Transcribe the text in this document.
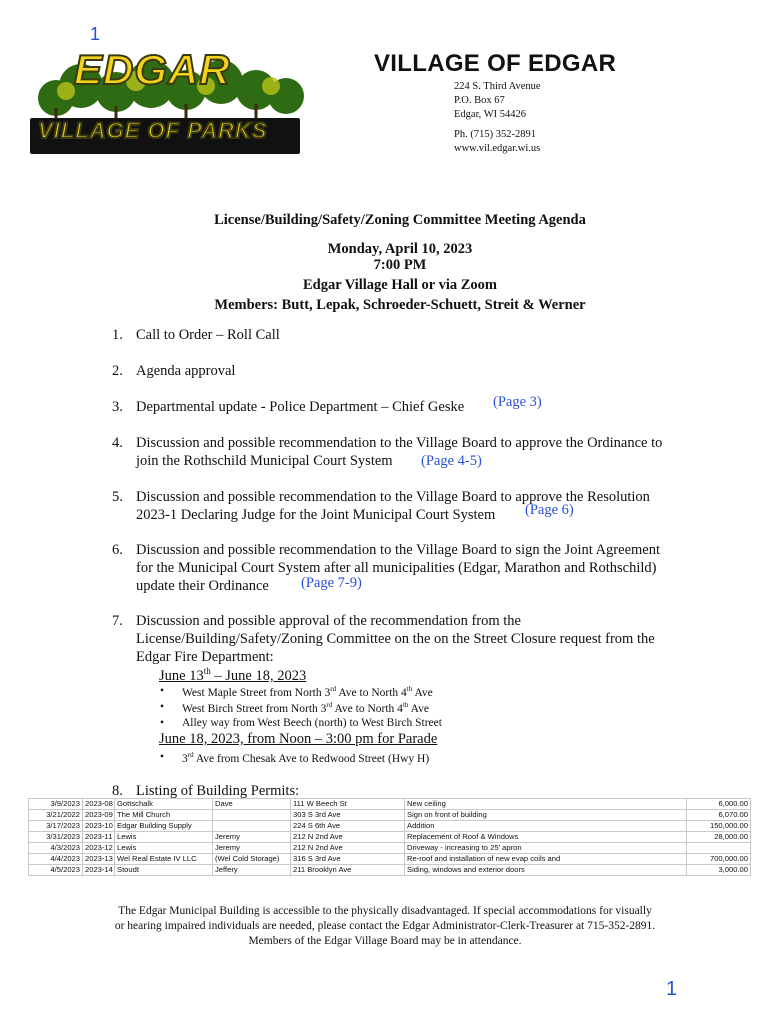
1
EDGAR
VILLAGE OF PARKS
VILLAGE OF EDGAR
224 S. Third Avenue
P.O. Box 67
Edgar, WI 54426
Ph. (715) 352-2891
www.vil.edgar.wi.us
License/Building/Safety/Zoning Committee Meeting Agenda
Monday, April 10, 2023
7:00 PM
Edgar Village Hall or via Zoom
Members: Butt, Lepak, Schroeder-Schuett, Streit & Werner
1. Call to Order – Roll Call
2. Agenda approval
3. Departmental update - Police Department – Chief Geske	(Page 3)
4. Discussion and possible recommendation to the Village Board to approve the Ordinance to
join the Rothschild Municipal Court System	(Page 4-5)
5. Discussion and possible recommendation to the Village Board to approve the Resolution
2023-1 Declaring Judge for the Joint Municipal Court System	(Page 6)
6. Discussion and possible recommendation to the Village Board to sign the Joint Agreement
for the Municipal Court System after all municipalities (Edgar, Marathon and Rothschild)
update their Ordinance	(Page 7-9)
7. Discussion and possible approval of the recommendation from the
License/Building/Safety/Zoning Committee on the on the Street Closure request from the
Edgar Fire Department:
June 13th – June 18, 2023
• West Maple Street from North 3rd Ave to North 4th Ave
• West Birch Street from North 3rd Ave to North 4th Ave
• Alley way from West Beech (north) to West Birch Street
June 18, 2023, from Noon – 3:00 pm for Parade
• 3rd Ave from Chesak Ave to Redwood Street (Hwy H)
8. Listing of Building Permits:
3/9/2023	2023-08	Gottschalk	Dave	111 W Beech St	New ceiling	6,000.00
3/21/2022	2023-09	The Mill Church		303 S 3rd Ave	Sign on front of building	6,070.00
3/17/2023	2023-10	Edgar Building Supply		224 S 6th Ave	Addition	150,000.00
3/31/2023	2023-11	Lewis	Jeremy	212 N 2nd Ave	Replacement of Roof & Windows	28,000.00
4/3/2023	2023-12	Lewis	Jeremy	212 N 2nd Ave	Driveway - increasing to 25' apron	
4/4/2023	2023-13	Wel Real Estate IV LLC	(Wel Cold Storage)	316 S 3rd Ave	Re-roof and installation of new evap coils and	700,000.00
4/5/2023	2023-14	Stoudt	Jeffery	211 Brooklyn Ave	Siding, windows and exterior doors	3,000.00
The Edgar Municipal Building is accessible to the physically disadvantaged. If special accommodations for visually
or hearing impaired individuals are needed, please contact the Edgar Administrator-Clerk-Treasurer at 715-352-2891.
Members of the Edgar Village Board may be in attendance.
1
